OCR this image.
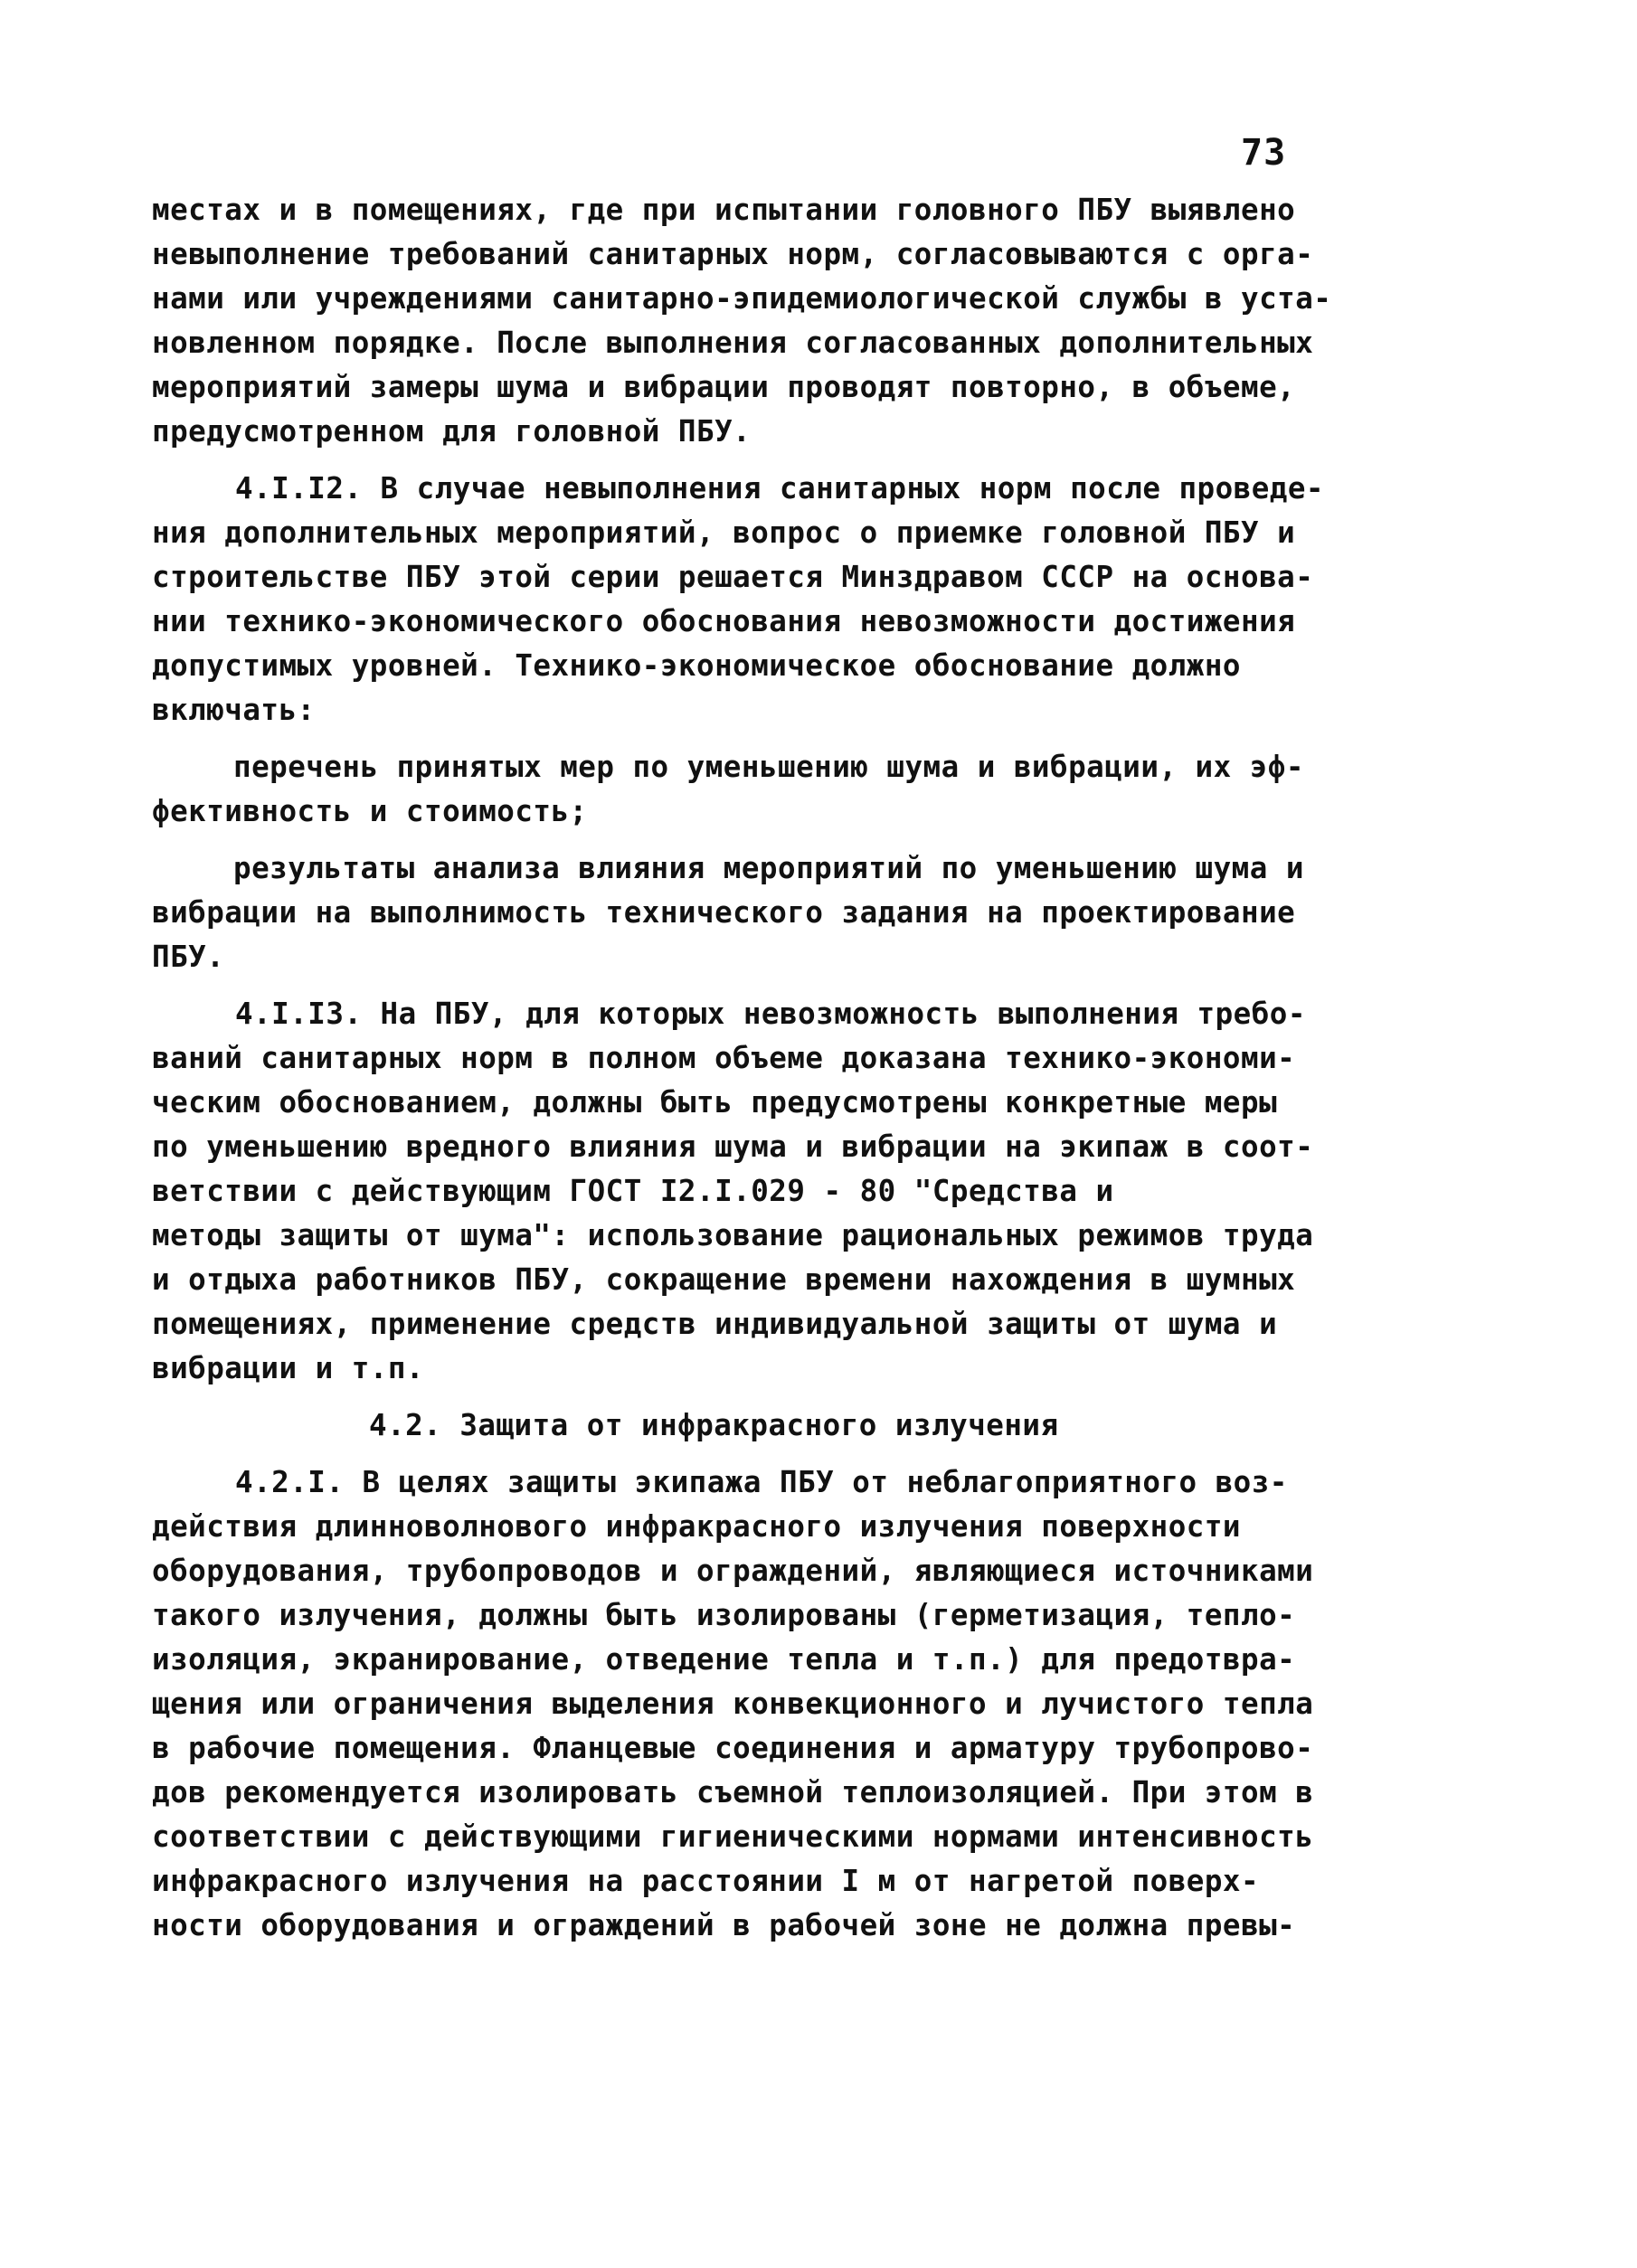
73
местах и в помещениях, где при испытании головного ПБУ выявлено
невыполнение требований санитарных норм, согласовываются с орга-
нами или учреждениями санитарно-эпидемиологической службы в уста-
новленном порядке. После выполнения согласованных дополнительных
мероприятий замеры шума и вибрации проводят повторно, в объеме,
предусмотренном для головной ПБУ.
4.I.I2. В случае невыполнения санитарных норм после проведе-
ния дополнительных мероприятий, вопрос о приемке головной ПБУ и
строительстве ПБУ этой серии решается Минздравом СССР на основа-
нии технико-экономического обоснования невозможности достижения
допустимых уровней. Технико-экономическое обоснование должно
включать:
перечень принятых мер по уменьшению шума и вибрации, их эф-
фективность и стоимость;
результаты анализа влияния мероприятий по уменьшению шума и
вибрации на выполнимость технического задания на проектирование
ПБУ.
4.I.I3. На ПБУ, для которых невозможность выполнения требо-
ваний санитарных норм в полном объеме доказана технико-экономи-
ческим обоснованием, должны быть предусмотрены конкретные меры
по уменьшению вредного влияния шума и вибрации на экипаж в соот-
ветствии с действующим ГОСТ I2.I.029 - 80 "Средства и
методы защиты от шума": использование рациональных режимов труда
и отдыха работников ПБУ, сокращение времени нахождения в шумных
помещениях, применение средств индивидуальной защиты от шума и
вибрации и т.п.
4.2. Защита от инфракрасного излучения
4.2.I. В целях защиты экипажа ПБУ от неблагоприятного воз-
действия длинноволнового инфракрасного излучения поверхности
оборудования, трубопроводов и ограждений, являющиеся источниками
такого излучения, должны быть изолированы (герметизация, тепло-
изоляция, экранирование, отведение тепла и т.п.) для предотвра-
щения или ограничения выделения конвекционного и лучистого тепла
в рабочие помещения. Фланцевые соединения и арматуру трубопрово-
дов рекомендуется изолировать съемной теплоизоляцией. При этом в
соответствии с действующими гигиеническими нормами интенсивность
инфракрасного излучения на расстоянии I м от нагретой поверх-
ности оборудования и ограждений в рабочей зоне не должна превы-
